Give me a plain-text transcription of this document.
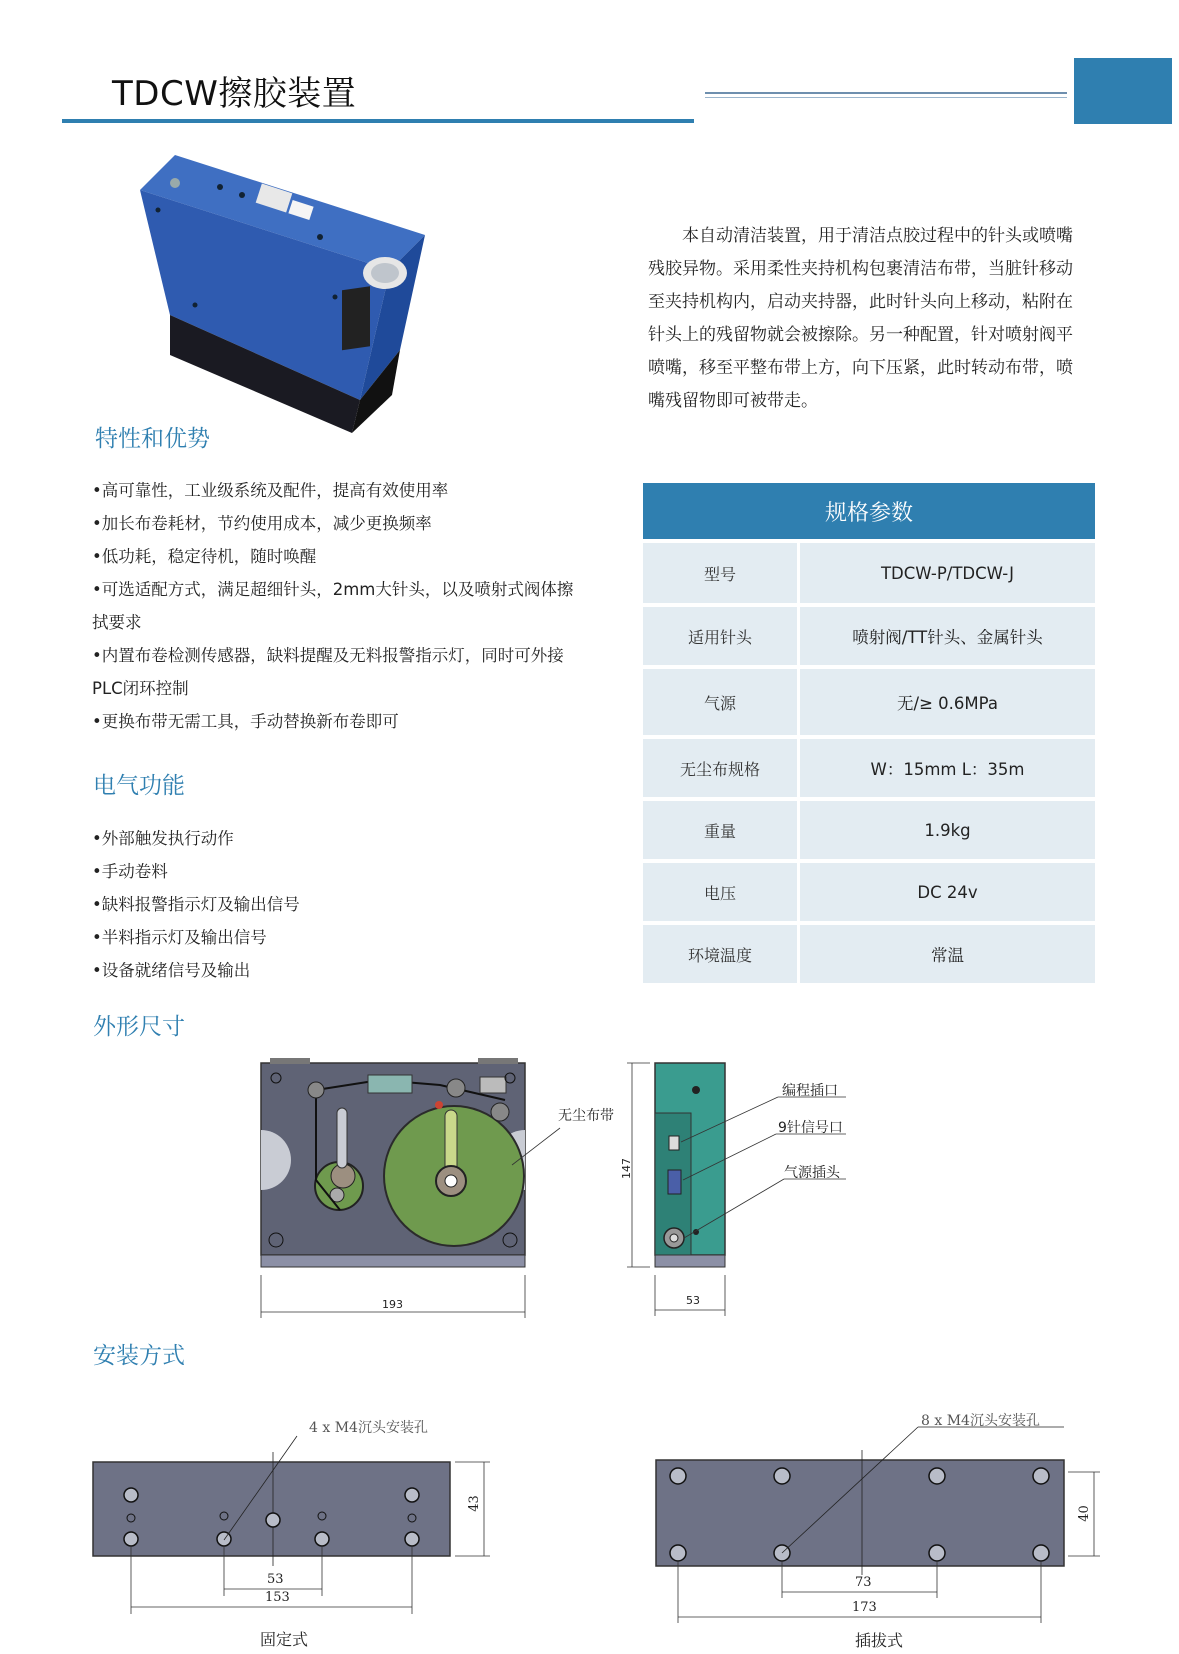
TDCW擦胶装置
本自动清洁装置，用于清洁点胶过程中的针头或喷嘴残胶异物。采用柔性夹持机构包裹清洁布带，当脏针移动至夹持机构内，启动夹持器，此时针头向上移动，粘附在针头上的残留物就会被擦除。另一种配置，针对喷射阀平喷嘴，移至平整布带上方，向下压紧，此时转动布带，喷嘴残留物即可被带走。
特性和优势
•高可靠性，工业级系统及配件，提高有效使用率
•加长布卷耗材，节约使用成本，减少更换频率
•低功耗，稳定待机，随时唤醒
•可选适配方式，满足超细针头，2mm大针头，以及喷射式阀体擦
拭要求
•内置布卷检测传感器，缺料提醒及无料报警指示灯，同时可外接
PLC闭环控制
•更换布带无需工具，手动替换新布卷即可
电气功能
•外部触发执行动作
•手动卷料
•缺料报警指示灯及输出信号
•半料指示灯及输出信号
•设备就绪信号及输出
规格参数
型号	TDCW-P/TDCW-J
适用针头	喷射阀/TT针头、金属针头
气源	无/≥ 0.6MPa
无尘布规格	W：15mm L：35m
重量	1.9kg
电压	DC 24v
环境温度	常温
外形尺寸
无尘布带
193
147
53
编程插口
9针信号口
气源插头
安装方式
4 x M4沉头安装孔
43
53
153
固定式
8 x M4沉头安装孔
40
73
173
插拔式
